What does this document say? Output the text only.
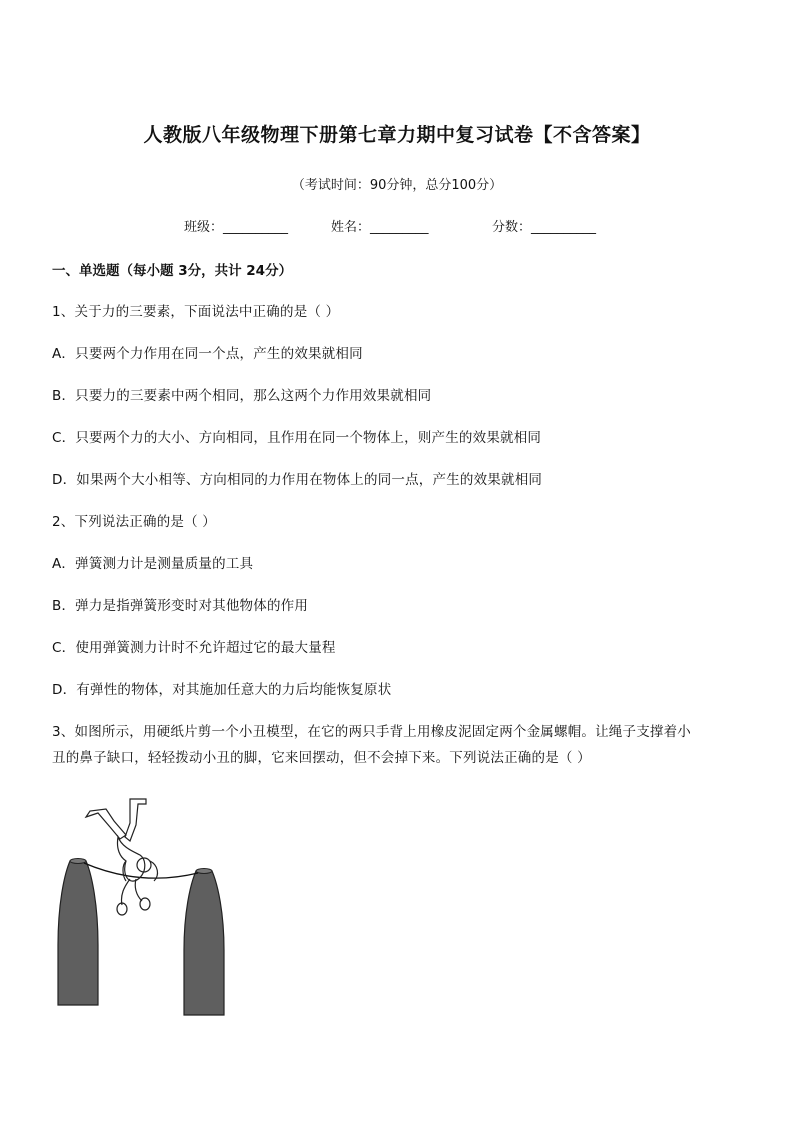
人教版八年级物理下册第七章力期中复习试卷【不含答案】
（考试时间：90分钟，总分100分）
班级：__________	姓名：_________	分数：__________
一、单选题（每小题 3分，共计 24分）
1、关于力的三要素，下面说法中正确的是（ ）
A．只要两个力作用在同一个点，产生的效果就相同
B．只要力的三要素中两个相同，那么这两个力作用效果就相同
C．只要两个力的大小、方向相同，且作用在同一个物体上，则产生的效果就相同
D．如果两个大小相等、方向相同的力作用在物体上的同一点，产生的效果就相同
2、下列说法正确的是（ ）
A．弹簧测力计是测量质量的工具
B．弹力是指弹簧形变时对其他物体的作用
C．使用弹簧测力计时不允许超过它的最大量程
D．有弹性的物体，对其施加任意大的力后均能恢复原状
3、如图所示，用硬纸片剪一个小丑模型，在它的两只手背上用橡皮泥固定两个金属螺帽。让绳子支撑着小
丑的鼻子缺口，轻轻拨动小丑的脚，它来回摆动，但不会掉下来。下列说法正确的是（ ）
